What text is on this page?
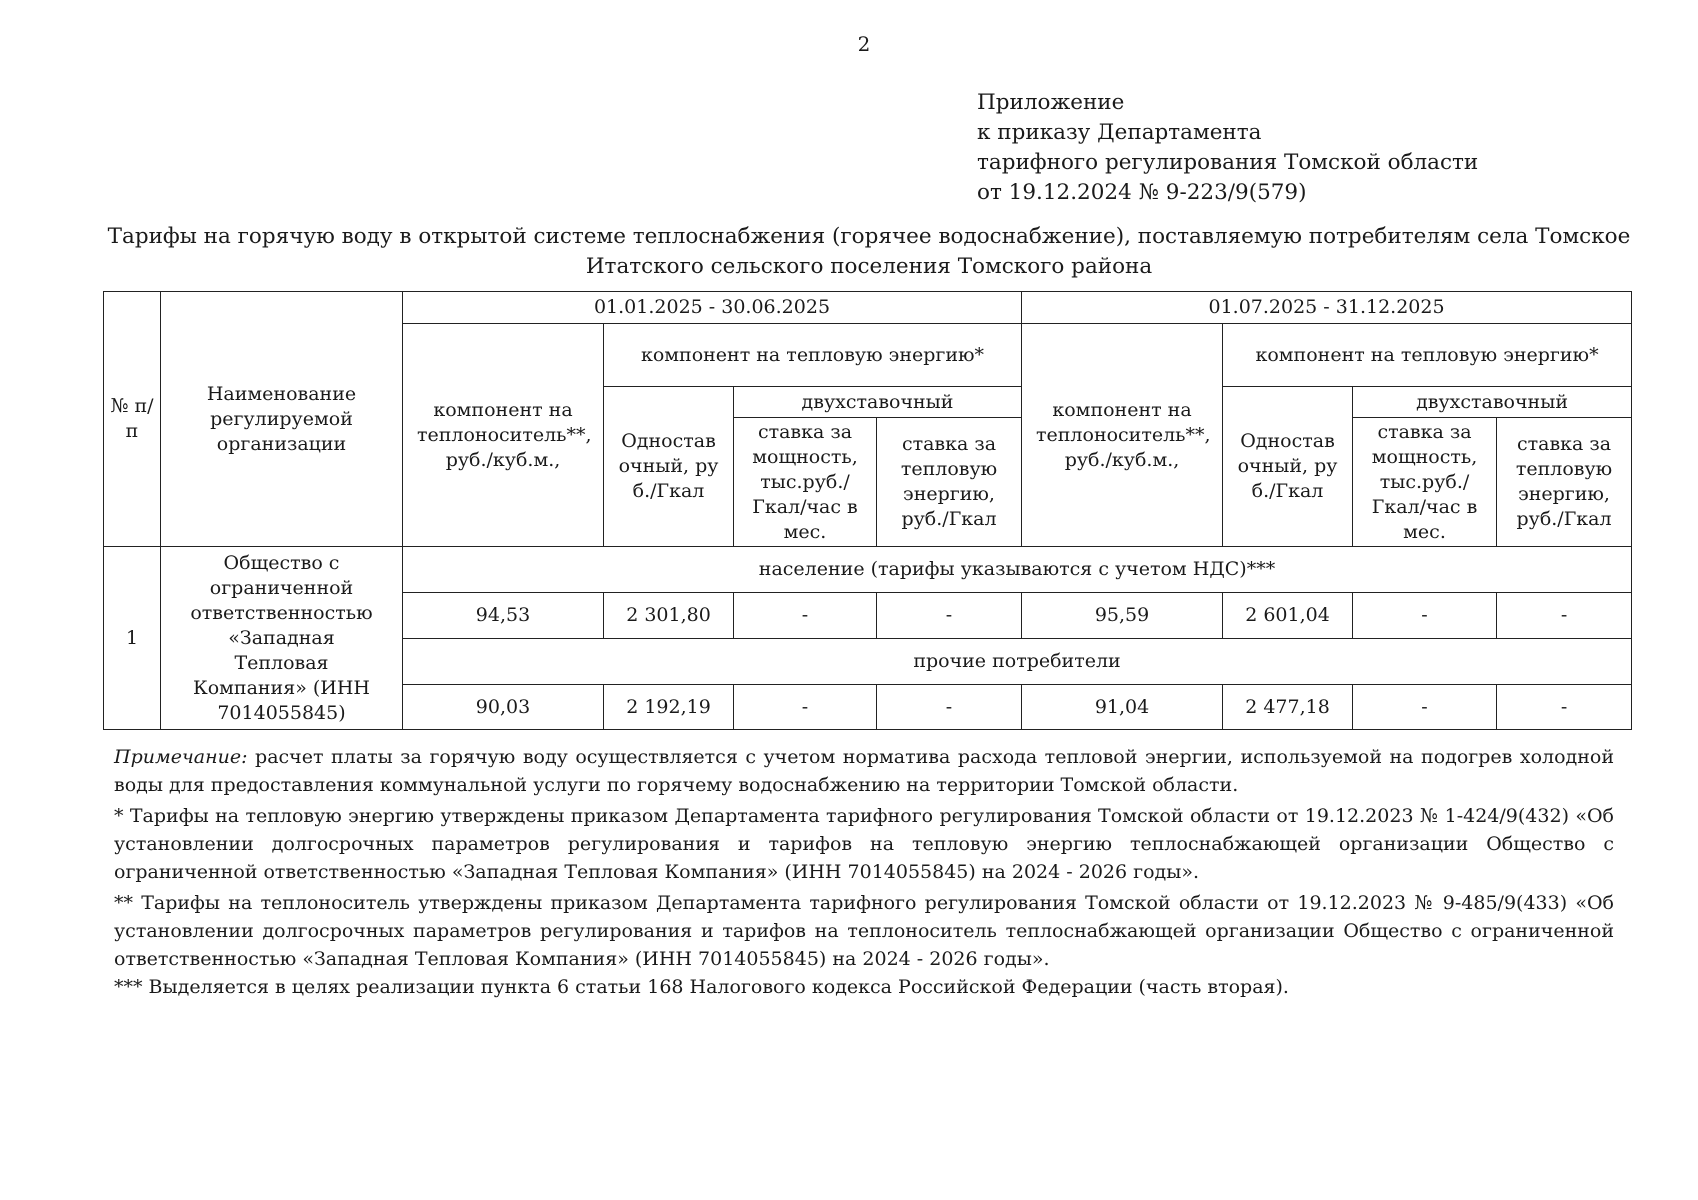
2
Приложение
к приказу Департамента
тарифного регулирования Томской области
от 19.12.2024 № 9-223/9(579)
Тарифы на горячую воду в открытой системе теплоснабжения (горячее водоснабжение), поставляемую потребителям села Томское
Итатского сельского поселения Томского района
№ п/п	Наименование регулируемой организации	01.01.2025 - 30.06.2025				01.07.2025 - 31.12.2025			
		компонент на теплоноситель**, руб./куб.м.,	компонент на тепловую энергию*			компонент на теплоноситель**, руб./куб.м.,	компонент на тепловую энергию*		
			Одноставочный, руб./Гкал	двухставочный			Одноставочный, руб./Гкал	двухставочный	
				ставка за мощность, тыс.руб./ Гкал/час в мес.	ставка за тепловую энергию, руб./Гкал			ставка за мощность, тыс.руб./ Гкал/час в мес.	ставка за тепловую энергию, руб./Гкал
1	Общество с ограниченной ответственностью «Западная Тепловая Компания» (ИНН 7014055845)	население (тарифы указываются с учетом НДС)***							
		94,53	2 301,80	-	-	95,59	2 601,04	-	-
		прочие потребители							
		90,03	2 192,19	-	-	91,04	2 477,18	-	-

Примечание: расчет платы за горячую воду осуществляется с учетом норматива расхода тепловой энергии, используемой на подогрев холодной воды для предоставления коммунальной услуги по горячему водоснабжению на территории Томской области.

* Тарифы на тепловую энергию утверждены приказом Департамента тарифного регулирования Томской области от 19.12.2023 № 1-424/9(432) «Об установлении долгосрочных параметров регулирования и тарифов на тепловую энергию теплоснабжающей организации Общество с ограниченной ответственностью «Западная Тепловая Компания» (ИНН 7014055845) на 2024 - 2026 годы».

** Тарифы на теплоноситель утверждены приказом Департамента тарифного регулирования Томской области от 19.12.2023 № 9-485/9(433) «Об установлении долгосрочных параметров регулирования и тарифов на теплоноситель теплоснабжающей организации Общество с ограниченной ответственностью «Западная Тепловая Компания» (ИНН 7014055845) на 2024 - 2026 годы».

*** Выделяется в целях реализации пункта 6 статьи 168 Налогового кодекса Российской Федерации (часть вторая).
